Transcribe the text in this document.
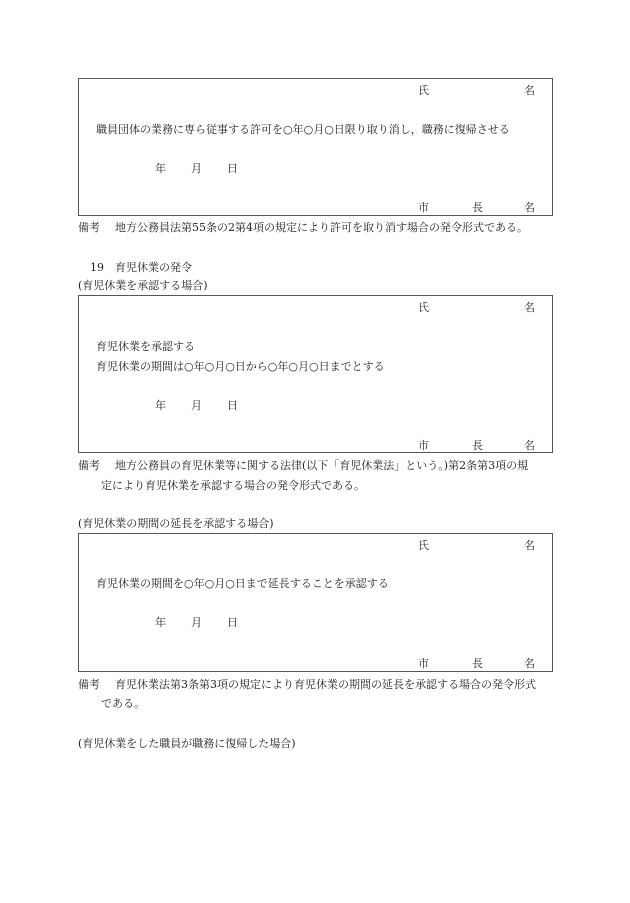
氏	名
職員団体の業務に専ら従事する許可を○年○月○日限り取り消し，職務に復帰させる
年 月 日
市	長	名
備考 地方公務員法第55条の2第4項の規定により許可を取り消す場合の発令形式である。
19　育児休業の発令
(育児休業を承認する場合)
氏	名
育児休業を承認する
育児休業の期間は○年○月○日から○年○月○日までとする
年 月 日
市	長	名
備考 地方公務員の育児休業等に関する法律(以下「育児休業法」という。)第2条第3項の規
定により育児休業を承認する場合の発令形式である。
(育児休業の期間の延長を承認する場合)
氏	名
育児休業の期間を○年○月○日まで延長することを承認する
年 月 日
市	長	名
備考 育児休業法第3条第3項の規定により育児休業の期間の延長を承認する場合の発令形式
である。
(育児休業をした職員が職務に復帰した場合)
